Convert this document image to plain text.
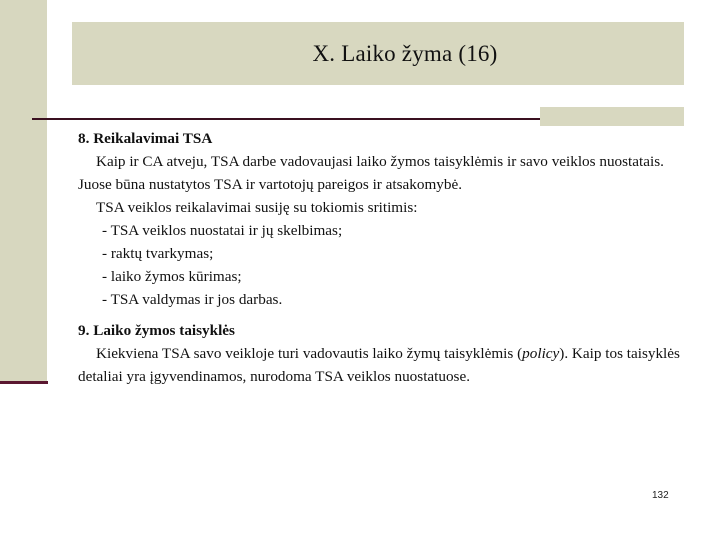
X. Laiko žyma (16)

8. Reikalavimai TSA

Kaip ir CA atveju, TSA darbe vadovaujasi laiko žymos taisyklėmis ir savo veiklos nuostatais. Juose būna nustatytos TSA ir vartotojų pareigos ir atsakomybė.

TSA veiklos reikalavimai susiję su tokiomis sritimis:

- TSA veiklos nuostatai ir jų skelbimas;

- raktų tvarkymas;

- laiko žymos kūrimas;

- TSA valdymas ir jos darbas.

9. Laiko žymos taisyklės

Kiekviena TSA savo veikloje turi vadovautis laiko žymų taisyklėmis (policy). Kaip tos taisyklės detaliai yra įgyvendinamos, nurodoma TSA veiklos nuostatuose.

132
